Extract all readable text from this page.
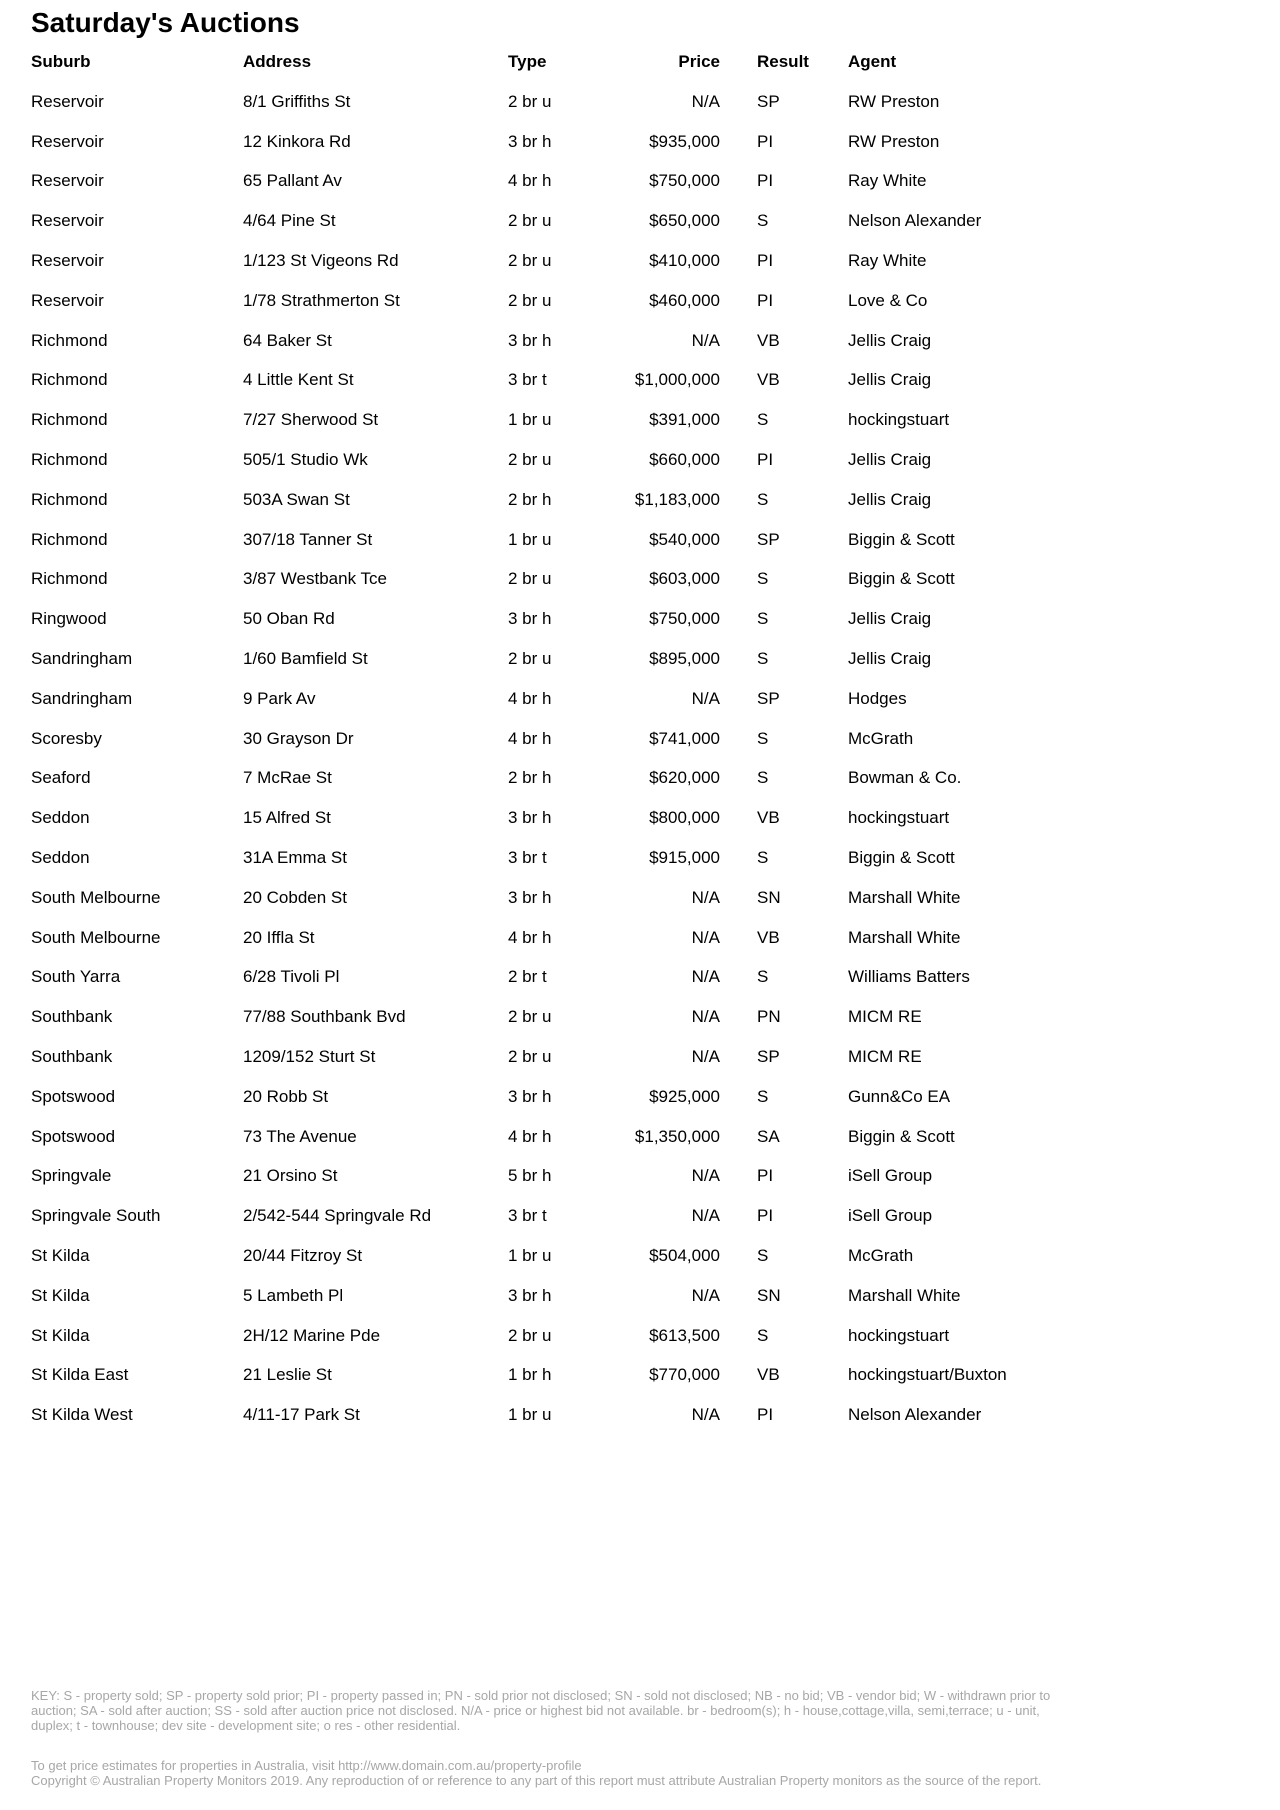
Saturday's Auctions
Suburb	Address	Type	Price	Result	Agent
Reservoir	8/1 Griffiths St	2 br u	N/A	SP	RW Preston
Reservoir	12 Kinkora Rd	3 br h	$935,000	PI	RW Preston
Reservoir	65 Pallant Av	4 br h	$750,000	PI	Ray White
Reservoir	4/64 Pine St	2 br u	$650,000	S	Nelson Alexander
Reservoir	1/123 St Vigeons Rd	2 br u	$410,000	PI	Ray White
Reservoir	1/78 Strathmerton St	2 br u	$460,000	PI	Love & Co
Richmond	64 Baker St	3 br h	N/A	VB	Jellis Craig
Richmond	4 Little Kent St	3 br t	$1,000,000	VB	Jellis Craig
Richmond	7/27 Sherwood St	1 br u	$391,000	S	hockingstuart
Richmond	505/1 Studio Wk	2 br u	$660,000	PI	Jellis Craig
Richmond	503A Swan St	2 br h	$1,183,000	S	Jellis Craig
Richmond	307/18 Tanner St	1 br u	$540,000	SP	Biggin & Scott
Richmond	3/87 Westbank Tce	2 br u	$603,000	S	Biggin & Scott
Ringwood	50 Oban Rd	3 br h	$750,000	S	Jellis Craig
Sandringham	1/60 Bamfield St	2 br u	$895,000	S	Jellis Craig
Sandringham	9 Park Av	4 br h	N/A	SP	Hodges
Scoresby	30 Grayson Dr	4 br h	$741,000	S	McGrath
Seaford	7 McRae St	2 br h	$620,000	S	Bowman & Co.
Seddon	15 Alfred St	3 br h	$800,000	VB	hockingstuart
Seddon	31A Emma St	3 br t	$915,000	S	Biggin & Scott
South Melbourne	20 Cobden St	3 br h	N/A	SN	Marshall White
South Melbourne	20 Iffla St	4 br h	N/A	VB	Marshall White
South Yarra	6/28 Tivoli Pl	2 br t	N/A	S	Williams Batters
Southbank	77/88 Southbank Bvd	2 br u	N/A	PN	MICM RE
Southbank	1209/152 Sturt St	2 br u	N/A	SP	MICM RE
Spotswood	20 Robb St	3 br h	$925,000	S	Gunn&Co EA
Spotswood	73 The Avenue	4 br h	$1,350,000	SA	Biggin & Scott
Springvale	21 Orsino St	5 br h	N/A	PI	iSell Group
Springvale South	2/542-544 Springvale Rd	3 br t	N/A	PI	iSell Group
St Kilda	20/44 Fitzroy St	1 br u	$504,000	S	McGrath
St Kilda	5 Lambeth Pl	3 br h	N/A	SN	Marshall White
St Kilda	2H/12 Marine Pde	2 br u	$613,500	S	hockingstuart
St Kilda East	21 Leslie St	1 br h	$770,000	VB	hockingstuart/Buxton
St Kilda West	4/11-17 Park St	1 br u	N/A	PI	Nelson Alexander
KEY: S - property sold; SP - property sold prior; PI - property passed in; PN - sold prior not disclosed; SN - sold not disclosed; NB - no bid; VB - vendor bid; W - withdrawn prior to
auction; SA - sold after auction; SS - sold after auction price not disclosed. N/A - price or highest bid not available. br - bedroom(s); h - house,cottage,villa, semi,terrace; u - unit,
duplex; t - townhouse; dev site - development site; o res - other residential.
To get price estimates for properties in Australia, visit http://www.domain.com.au/property-profile
Copyright © Australian Property Monitors 2019. Any reproduction of or reference to any part of this report must attribute Australian Property monitors as the source of the report.
